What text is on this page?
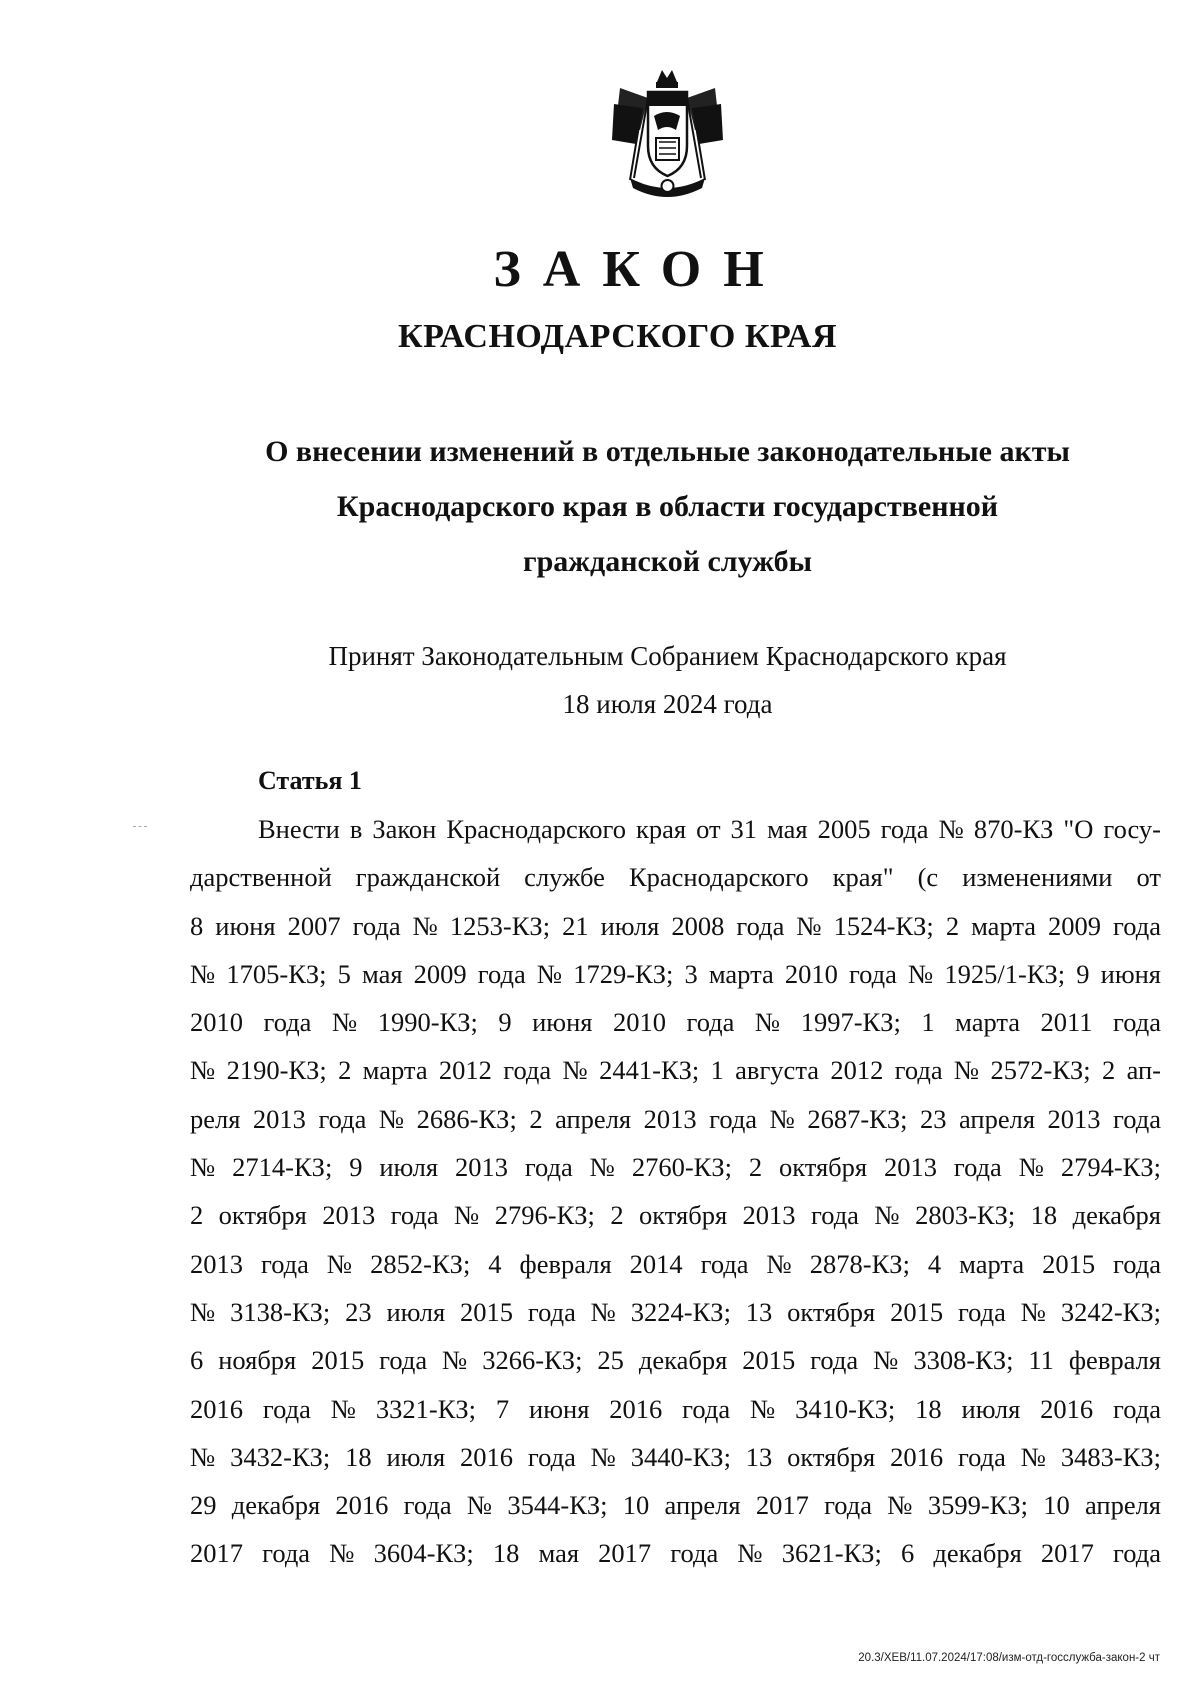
ЗАКОН
КРАСНОДАРСКОГО КРАЯ
О внесении изменений в отдельные законодательные акты
Краснодарского края в области государственной
гражданской службы
Принят Законодательным Собранием Краснодарского края
18 июля 2024 года
Статья 1
Внести в Закон Краснодарского края от 31 мая 2005 года № 870-КЗ "О госу-
дарственной гражданской службе Краснодарского края" (с изменениями от
8 июня 2007 года № 1253-КЗ; 21 июля 2008 года № 1524-КЗ; 2 марта 2009 года
№ 1705-КЗ; 5 мая 2009 года № 1729-КЗ; 3 марта 2010 года № 1925/1-КЗ; 9 июня
2010 года № 1990-КЗ; 9 июня 2010 года № 1997-КЗ; 1 марта 2011 года
№ 2190-КЗ; 2 марта 2012 года № 2441-КЗ; 1 августа 2012 года № 2572-КЗ; 2 ап-
реля 2013 года № 2686-КЗ; 2 апреля 2013 года № 2687-КЗ; 23 апреля 2013 года
№ 2714-КЗ; 9 июля 2013 года № 2760-КЗ; 2 октября 2013 года № 2794-КЗ;
2 октября 2013 года № 2796-КЗ; 2 октября 2013 года № 2803-КЗ; 18 декабря
2013 года № 2852-КЗ; 4 февраля 2014 года № 2878-КЗ; 4 марта 2015 года
№ 3138-КЗ; 23 июля 2015 года № 3224-КЗ; 13 октября 2015 года № 3242-КЗ;
6 ноября 2015 года № 3266-КЗ; 25 декабря 2015 года № 3308-КЗ; 11 февраля
2016 года № 3321-КЗ; 7 июня 2016 года № 3410-КЗ; 18 июля 2016 года
№ 3432-КЗ; 18 июля 2016 года № 3440-КЗ; 13 октября 2016 года № 3483-КЗ;
29 декабря 2016 года № 3544-КЗ; 10 апреля 2017 года № 3599-КЗ; 10 апреля
2017 года № 3604-КЗ; 18 мая 2017 года № 3621-КЗ; 6 декабря 2017 года
20.3/ХЕВ/11.07.2024/17:08/изм-отд-госслужба-закон-2 чт
